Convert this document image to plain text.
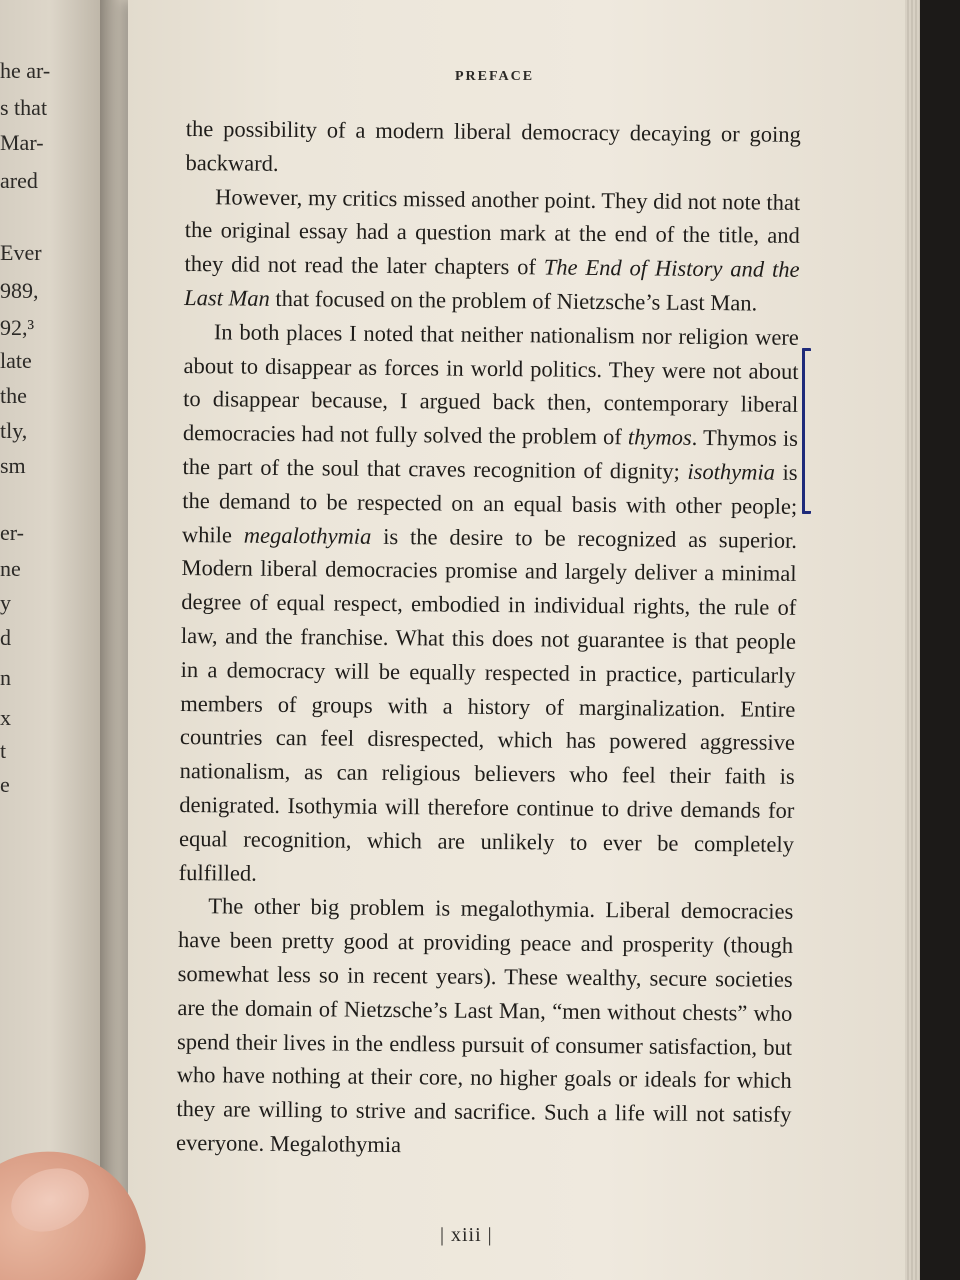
he ar-
s that
Mar-
ared
Ever
989,
92,³
late
the
tly,
sm
er-
ne
y
d
n
x
t
e
PREFACE

the possibility of a modern liberal democracy decaying or going backward.

However, my critics missed another point. They did not note that the original essay had a question mark at the end of the title, and they did not read the later chapters of The End of History and the Last Man that focused on the problem of Nietzsche’s Last Man.

In both places I noted that neither nationalism nor religion were about to disappear as forces in world politics. They were not about to disappear because, I argued back then, contemporary liberal democracies had not fully solved the problem of thymos. Thymos is the part of the soul that craves recognition of dignity; isothymia is the demand to be respected on an equal basis with other people; while megalothymia is the desire to be recognized as superior. Modern liberal democracies promise and largely deliver a minimal degree of equal respect, embodied in individual rights, the rule of law, and the franchise. What this does not guarantee is that people in a democracy will be equally respected in practice, particularly members of groups with a history of marginalization. Entire countries can feel disrespected, which has powered aggressive nationalism, as can religious believers who feel their faith is denigrated. Isothymia will therefore continue to drive demands for equal recognition, which are unlikely to ever be completely fulfilled.

The other big problem is megalothymia. Liberal democracies have been pretty good at providing peace and prosperity (though somewhat less so in recent years). These wealthy, secure societies are the domain of Nietzsche’s Last Man, “men without chests” who spend their lives in the endless pursuit of consumer satisfaction, but who have nothing at their core, no higher goals or ideals for which they are willing to strive and sacrifice. Such a life will not satisfy everyone. Megalothymia

| xiii |
